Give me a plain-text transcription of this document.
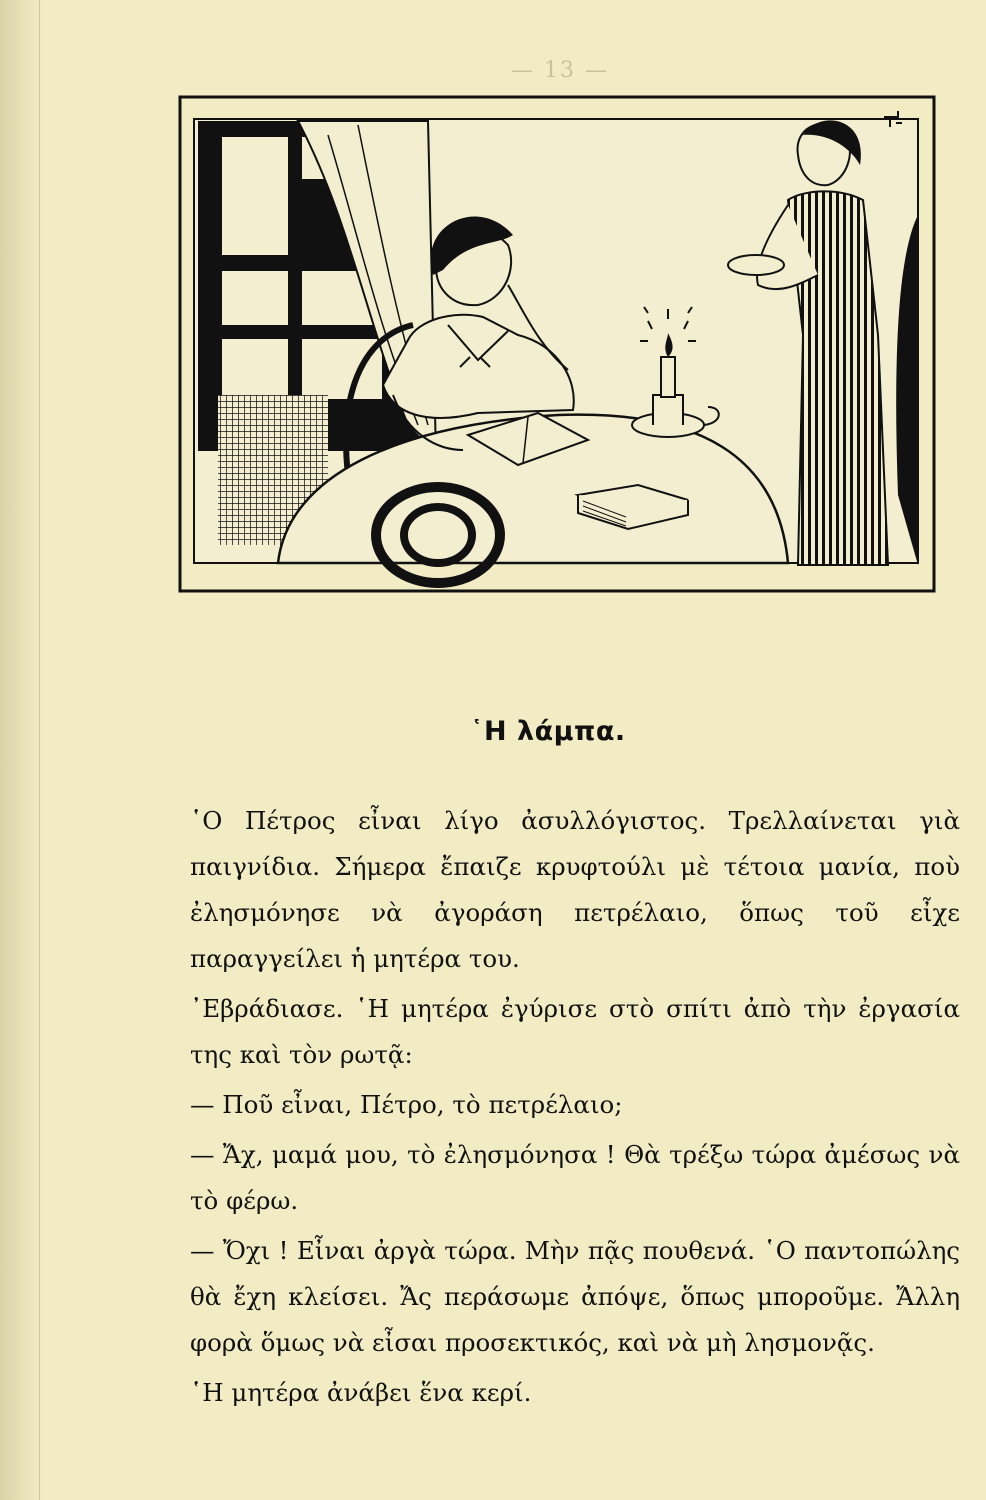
— 13 —
῾Η λάμπα.

῾Ο Πέτρος εἶναι λίγο ἀσυλλόγιστος. Τρελλαίνεται γιὰ παιγνίδια. Σήμερα ἔπαιζε κρυφτούλι μὲ τέτοια μανία, ποὺ ἐλησμόνησε νὰ ἀγοράση πετρέλαιο, ὅπως τοῦ εἶχε παραγγείλει ἡ μητέρα του.

᾿Εβράδιασε. ῾Η μητέρα ἐγύρισε στὸ σπίτι ἀπὸ τὴν ἐργασία της καὶ τὸν ρωτᾷ:

— Ποῦ εἶναι, Πέτρο, τὸ πετρέλαιο;

— Ἄχ, μαμά μου, τὸ ἐλησμόνησα ! Θὰ τρέξω τώρα ἀμέσως νὰ τὸ φέρω.

— Ὄχι ! Εἶναι ἀργὰ τώρα. Μὴν πᾷς πουθενά. ῾Ο παντοπώλης θὰ ἔχη κλείσει. Ἄς περάσωμε ἀπόψε, ὅπως μποροῦμε. Ἄλλη φορὰ ὅμως νὰ εἶσαι προσεκτικός, καὶ νὰ μὴ λησμονᾷς.

῾Η μητέρα ἀνάβει ἕνα κερί.
